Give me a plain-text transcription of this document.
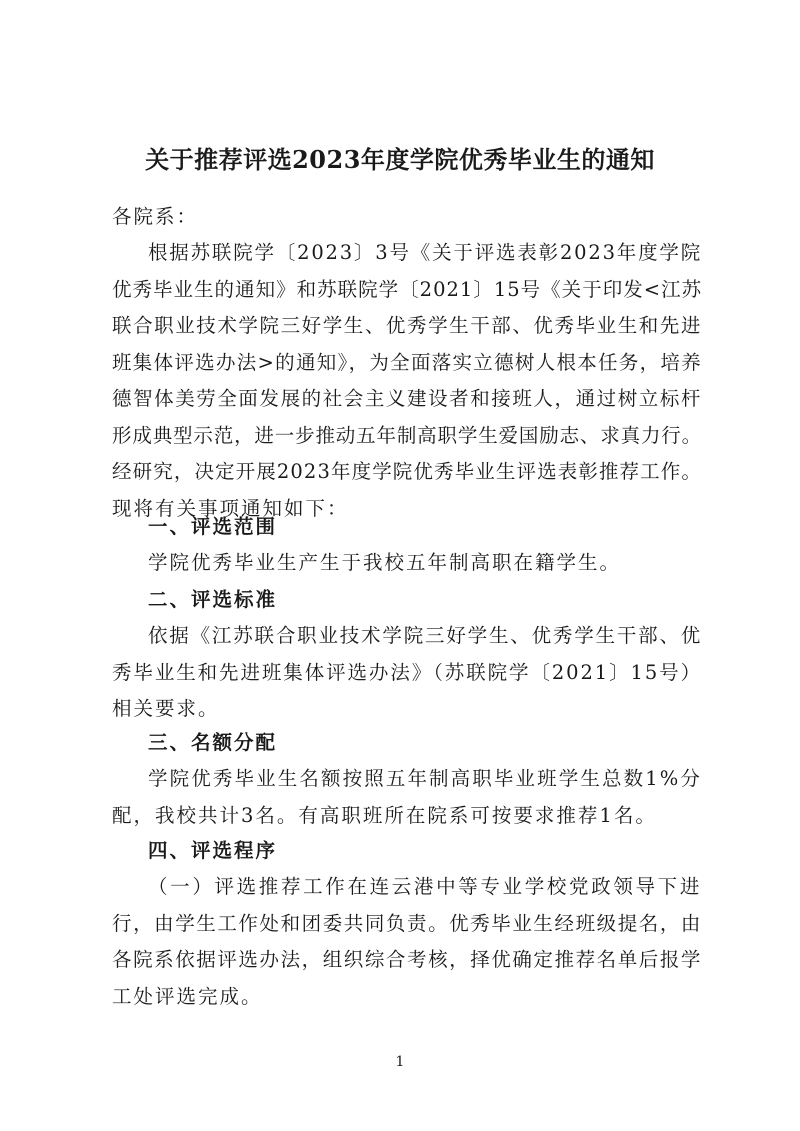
关于推荐评选2023年度学院优秀毕业生的通知
各院系：
根据苏联院学〔2023〕3号《关于评选表彰2023年度学院
优秀毕业生的通知》和苏联院学〔2021〕15号《关于印发<江苏
联合职业技术学院三好学生、优秀学生干部、优秀毕业生和先进
班集体评选办法>的通知》，为全面落实立德树人根本任务，培养
德智体美劳全面发展的社会主义建设者和接班人，通过树立标杆
形成典型示范，进一步推动五年制高职学生爱国励志、求真力行。
经研究，决定开展2023年度学院优秀毕业生评选表彰推荐工作。
现将有关事项通知如下：
一、评选范围
学院优秀毕业生产生于我校五年制高职在籍学生。
二、评选标准
依据《江苏联合职业技术学院三好学生、优秀学生干部、优
秀毕业生和先进班集体评选办法》（苏联院学〔2021〕15号）
相关要求。
三、名额分配
学院优秀毕业生名额按照五年制高职毕业班学生总数1%分
配，我校共计3名。有高职班所在院系可按要求推荐1名。
四、评选程序
（一）评选推荐工作在连云港中等专业学校党政领导下进
行，由学生工作处和团委共同负责。优秀毕业生经班级提名，由
各院系依据评选办法，组织综合考核，择优确定推荐名单后报学
工处评选完成。
1
